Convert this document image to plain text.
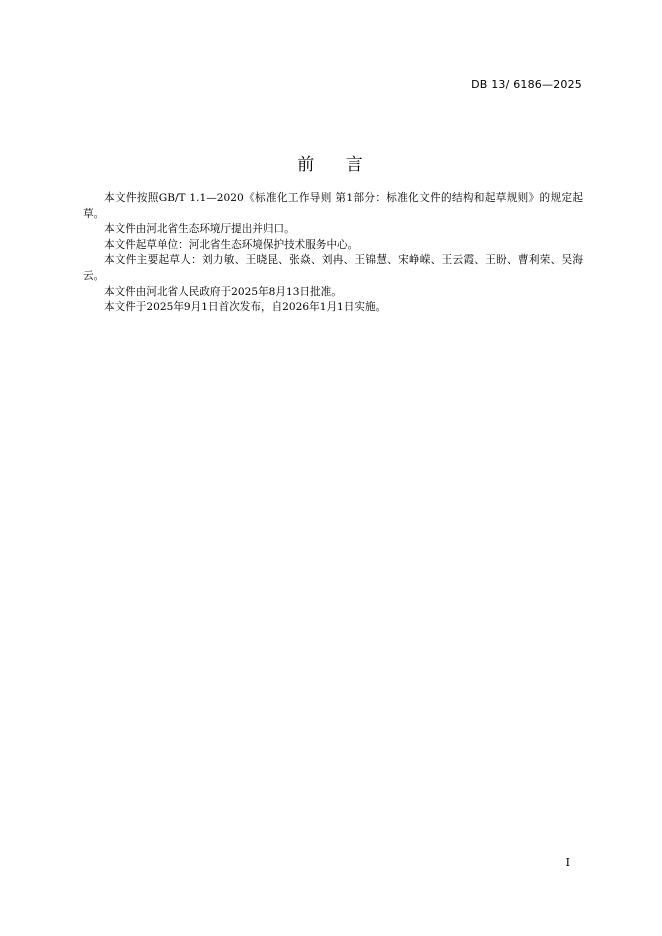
DB 13/ 6186—2025
前    言

本文件按照GB/T 1.1—2020《标准化工作导则 第1部分：标准化文件的结构和起草规则》的规定起草。

本文件由河北省生态环境厅提出并归口。

本文件起草单位：河北省生态环境保护技术服务中心。

本文件主要起草人：刘力敏、王晓昆、张焱、刘冉、王锦慧、宋峥嵘、王云霞、王盼、曹利荣、吴海云。

本文件由河北省人民政府于2025年8月13日批准。

本文件于2025年9月1日首次发布，自2026年1月1日实施。

I
